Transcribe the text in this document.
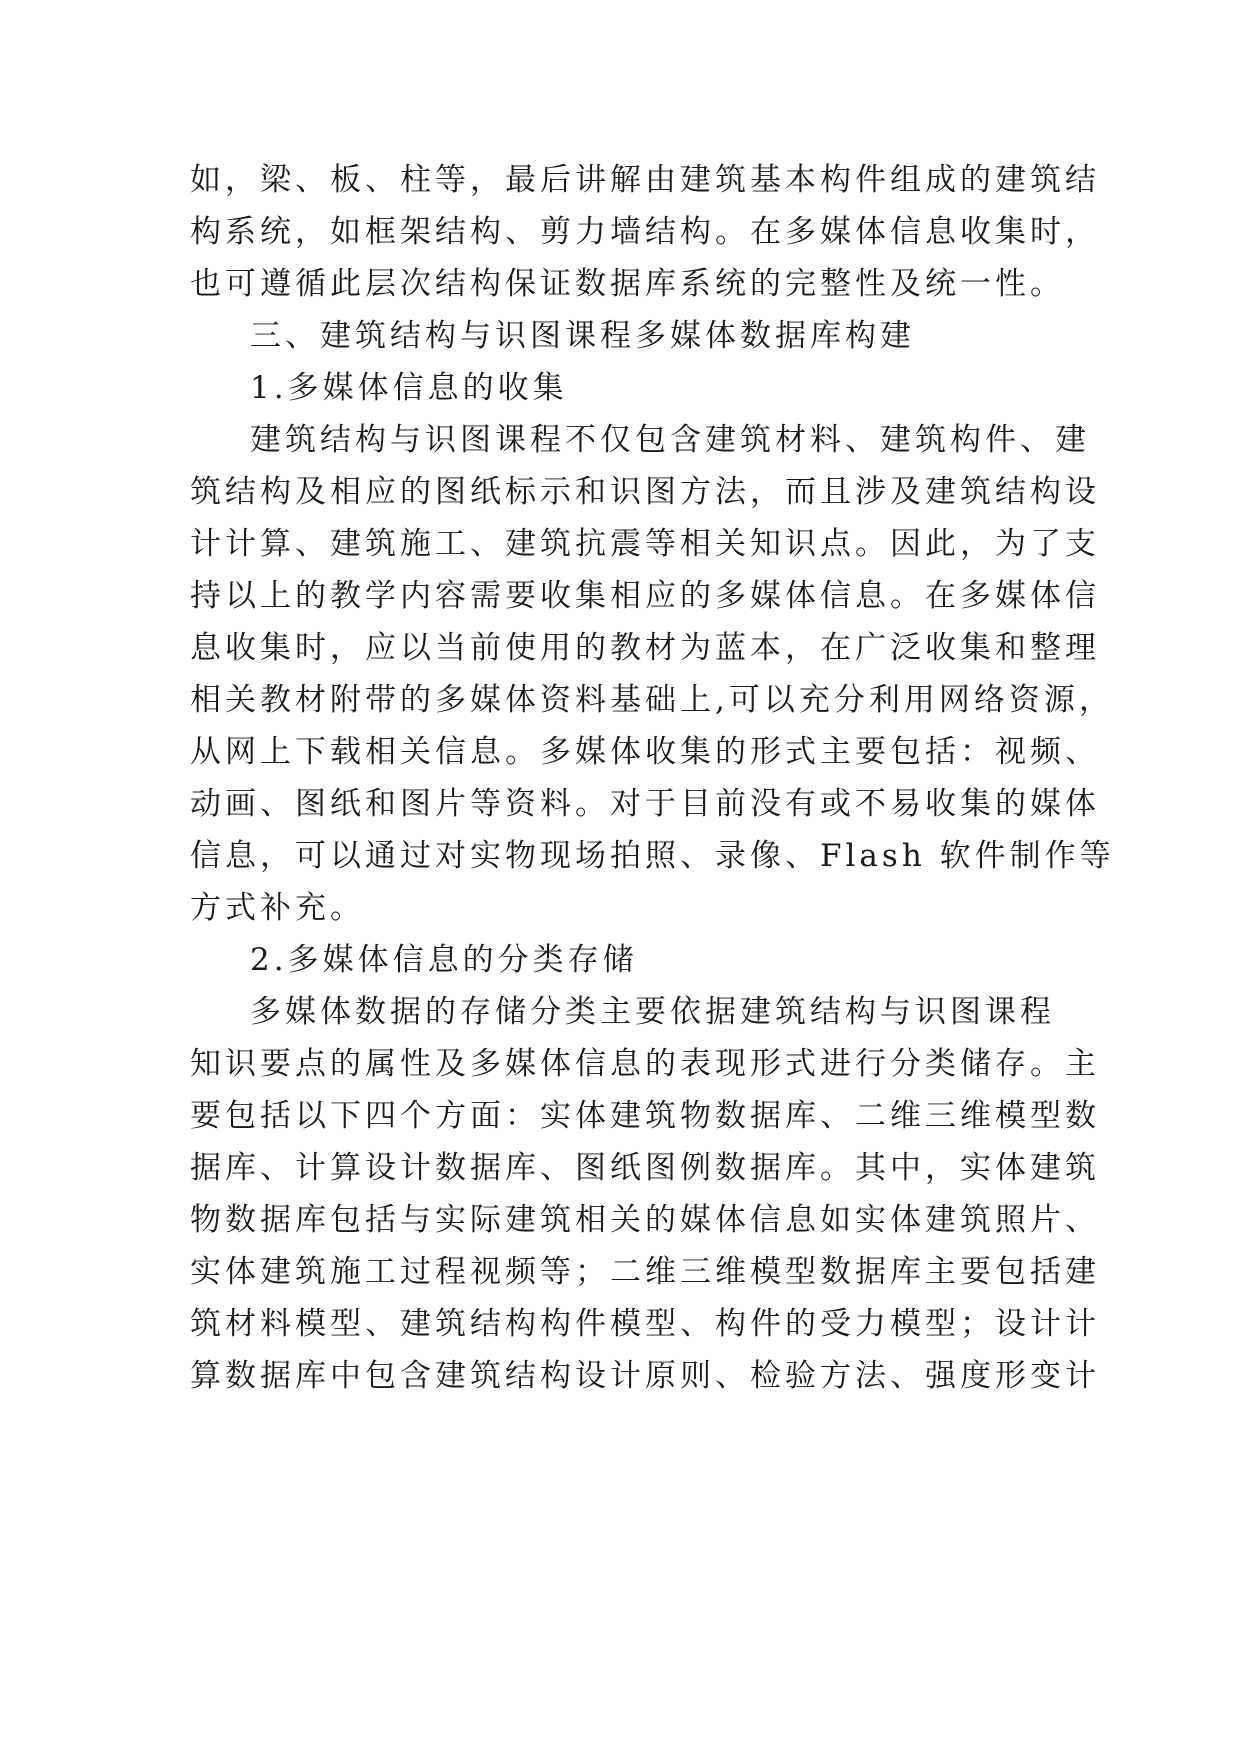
如，梁、板、柱等，最后讲解由建筑基本构件组成的建筑结
构系统，如框架结构、剪力墙结构。在多媒体信息收集时，
也可遵循此层次结构保证数据库系统的完整性及统一性。
三、建筑结构与识图课程多媒体数据库构建
1.多媒体信息的收集
建筑结构与识图课程不仅包含建筑材料、建筑构件、建
筑结构及相应的图纸标示和识图方法，而且涉及建筑结构设
计计算、建筑施工、建筑抗震等相关知识点。因此，为了支
持以上的教学内容需要收集相应的多媒体信息。在多媒体信
息收集时，应以当前使用的教材为蓝本，在广泛收集和整理
相关教材附带的多媒体资料基础上,可以充分利用网络资源，
从网上下载相关信息。多媒体收集的形式主要包括：视频、
动画、图纸和图片等资料。对于目前没有或不易收集的媒体
信息，可以通过对实物现场拍照、录像、Flash 软件制作等
方式补充。
2.多媒体信息的分类存储
多媒体数据的存储分类主要依据建筑结构与识图课程
知识要点的属性及多媒体信息的表现形式进行分类储存。主
要包括以下四个方面：实体建筑物数据库、二维三维模型数
据库、计算设计数据库、图纸图例数据库。其中，实体建筑
物数据库包括与实际建筑相关的媒体信息如实体建筑照片、
实体建筑施工过程视频等；二维三维模型数据库主要包括建
筑材料模型、建筑结构构件模型、构件的受力模型；设计计
算数据库中包含建筑结构设计原则、检验方法、强度形变计
